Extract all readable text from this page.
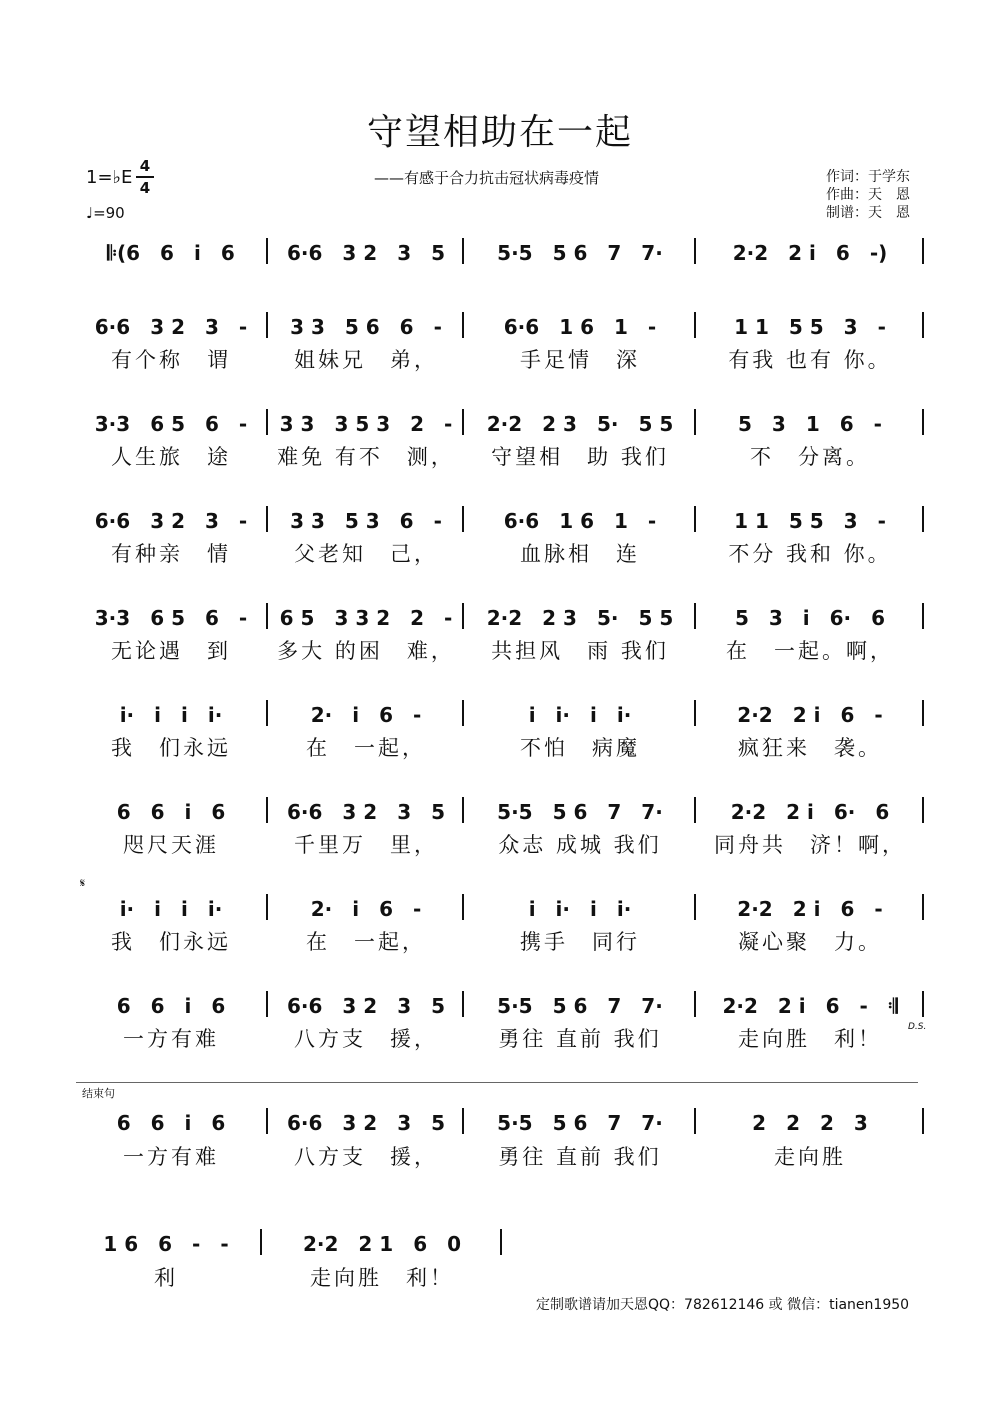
守望相助在一起
——有感于合力抗击冠状病毒疫情
1=♭E
4
4
♩=90
作词：于学东
作曲：天　恩
制谱：天　恩
𝄋
D.S.
结束句
𝄆(6　6　i　6	6·6　3 2　3　5	5·5　5 6　7　7·	2·2　2 i　6　-)
6·6　3 2　3　- 3 3　5 6　6　-	6·6　1 6　1　-	1 1　5 5　3　-
有个称　谓	姐妹兄　弟，	手足情　深	有我 也有 你。
3·3　6 5　6　- 3 3　3 5 3　2　- 2·2　2 3　5·　5 5	5　3　1　6　-
人生旅　途	难免 有不　测，	守望相　助 我们	不　分离。
6·6　3 2　3　- 3 3　5 3　6　-	6·6　1 6　1　-	1 1　5 5　3　-
有种亲　情	父老知　己，	血脉相　连	不分 我和 你。
3·3　6 5　6　- 6 5　3 3 2　2　- 2·2　2 3　5·　5 5	5　3　i　6·　6
无论遇　到	多大 的困　难，	共担风　雨 我们	在　一起。啊，
i·　i　i　i·	2·　i　6　-	i　i·　i　i·	2·2　2 i　6　-
我　们永远	在　一起，	不怕　病魔	疯狂来　袭。
6　6　i　6	6·6　3 2　3　5	5·5　5 6　7　7·	2·2　2 i　6·　6
咫尺天涯	千里万　里，	众志 成城 我们	同舟共　济！啊，
i·　i　i　i·	2·　i　6　-	i　i·　i　i·	2·2　2 i　6　-
我　们永远	在　一起，	携手　同行	凝心聚　力。
6　6　i　6	6·6　3 2　3　5	5·5　5 6　7　7·	2·2　2 i　6　-　𝄇
一方有难	八方支　援，	勇往 直前 我们	走向胜　利！
6　6　i　6	6·6　3 2　3　5	5·5　5 6　7　7·	2　2　2　3
一方有难	八方支　援，	勇往 直前 我们	走向胜
1 6　6　-　-	2·2　2 1　6　0
利	走向胜　利！
定制歌谱请加天恩QQ：782612146 或 微信：tianen1950
